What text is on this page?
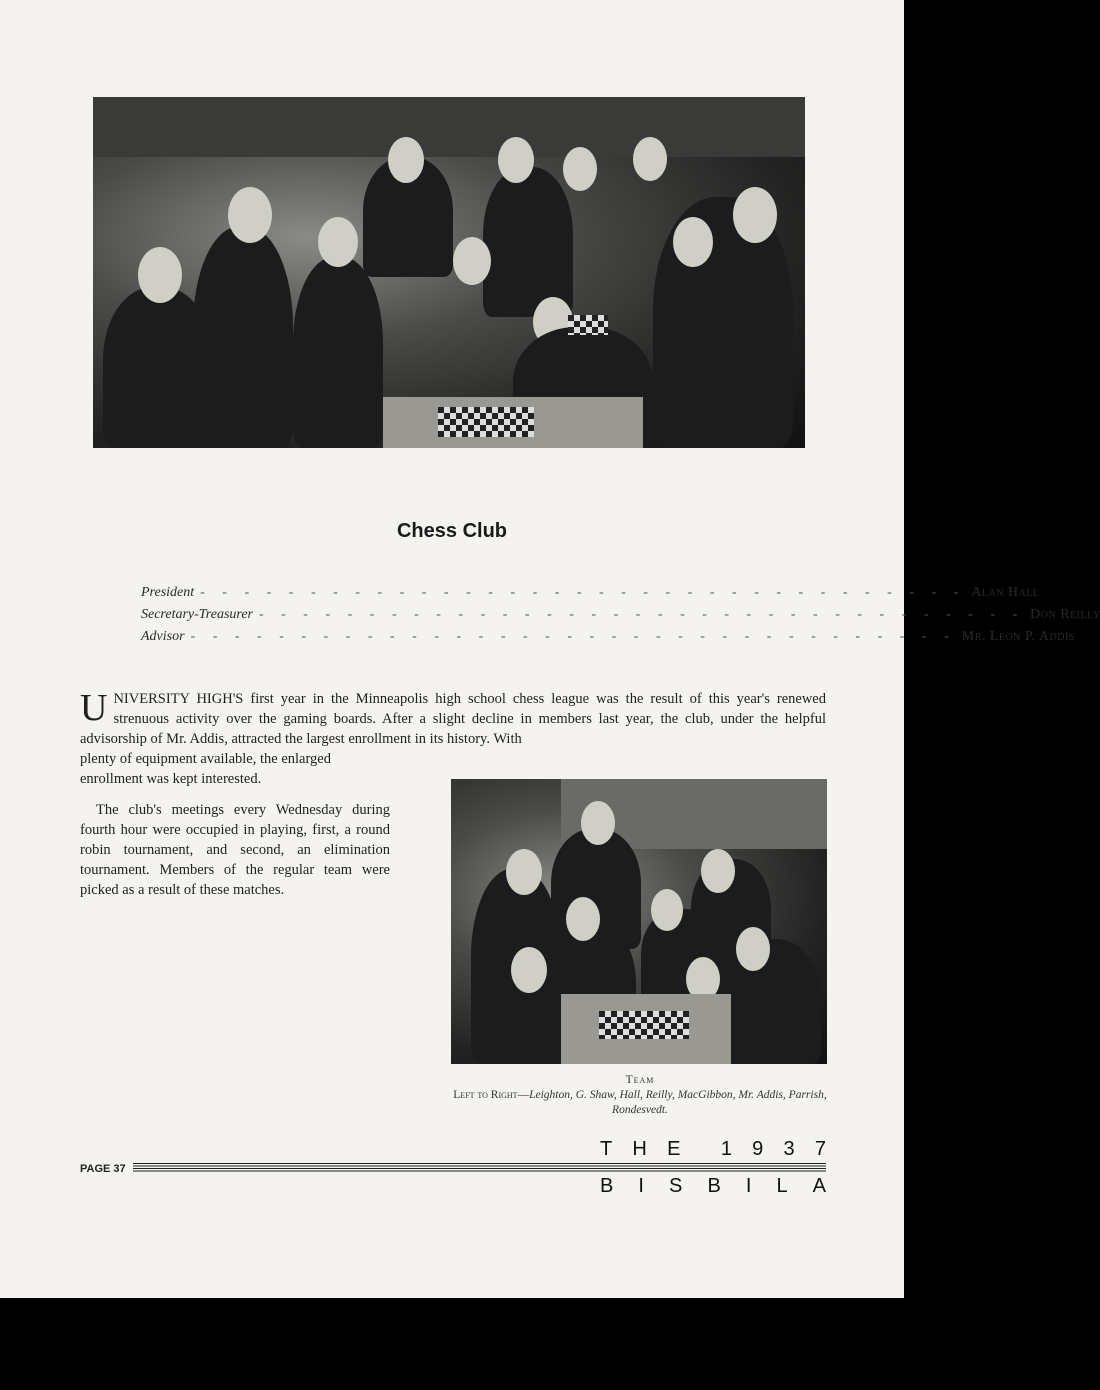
Chess Club
President - - - - - - - - - - - - - - - - - - - - - - - - - - - - - - - - - - - Alan Hall
Secretary-Treasurer - - - - - - - - - - - - - - - - - - - - - - - - - - - - - - - - - - - Don Reilly
Advisor - - - - - - - - - - - - - - - - - - - - - - - - - - - - - - - - - - - Mr. Leon P. Addis

UNIVERSITY HIGH'S first year in the Minneapolis high school chess league was the result of this year's renewed strenuous activity over the gaming boards. After a slight decline in members last year, the club, under the helpful advisorship of Mr. Addis, attracted the largest enrollment in its history. With

plenty of equipment available, the enlarged enrollment was kept interested.

The club's meetings every Wednesday during fourth hour were occupied in playing, first, a round robin tournament, and second, an elimination tournament. Members of the regular team were picked as a result of these matches.

Team
Left to Right—Leighton, G. Shaw, Hall, Reilly, MacGibbon, Mr. Addis, Parrish, Rondesvedt.
PAGE 37
T H E 1 9 3 7
B I S B I L A
